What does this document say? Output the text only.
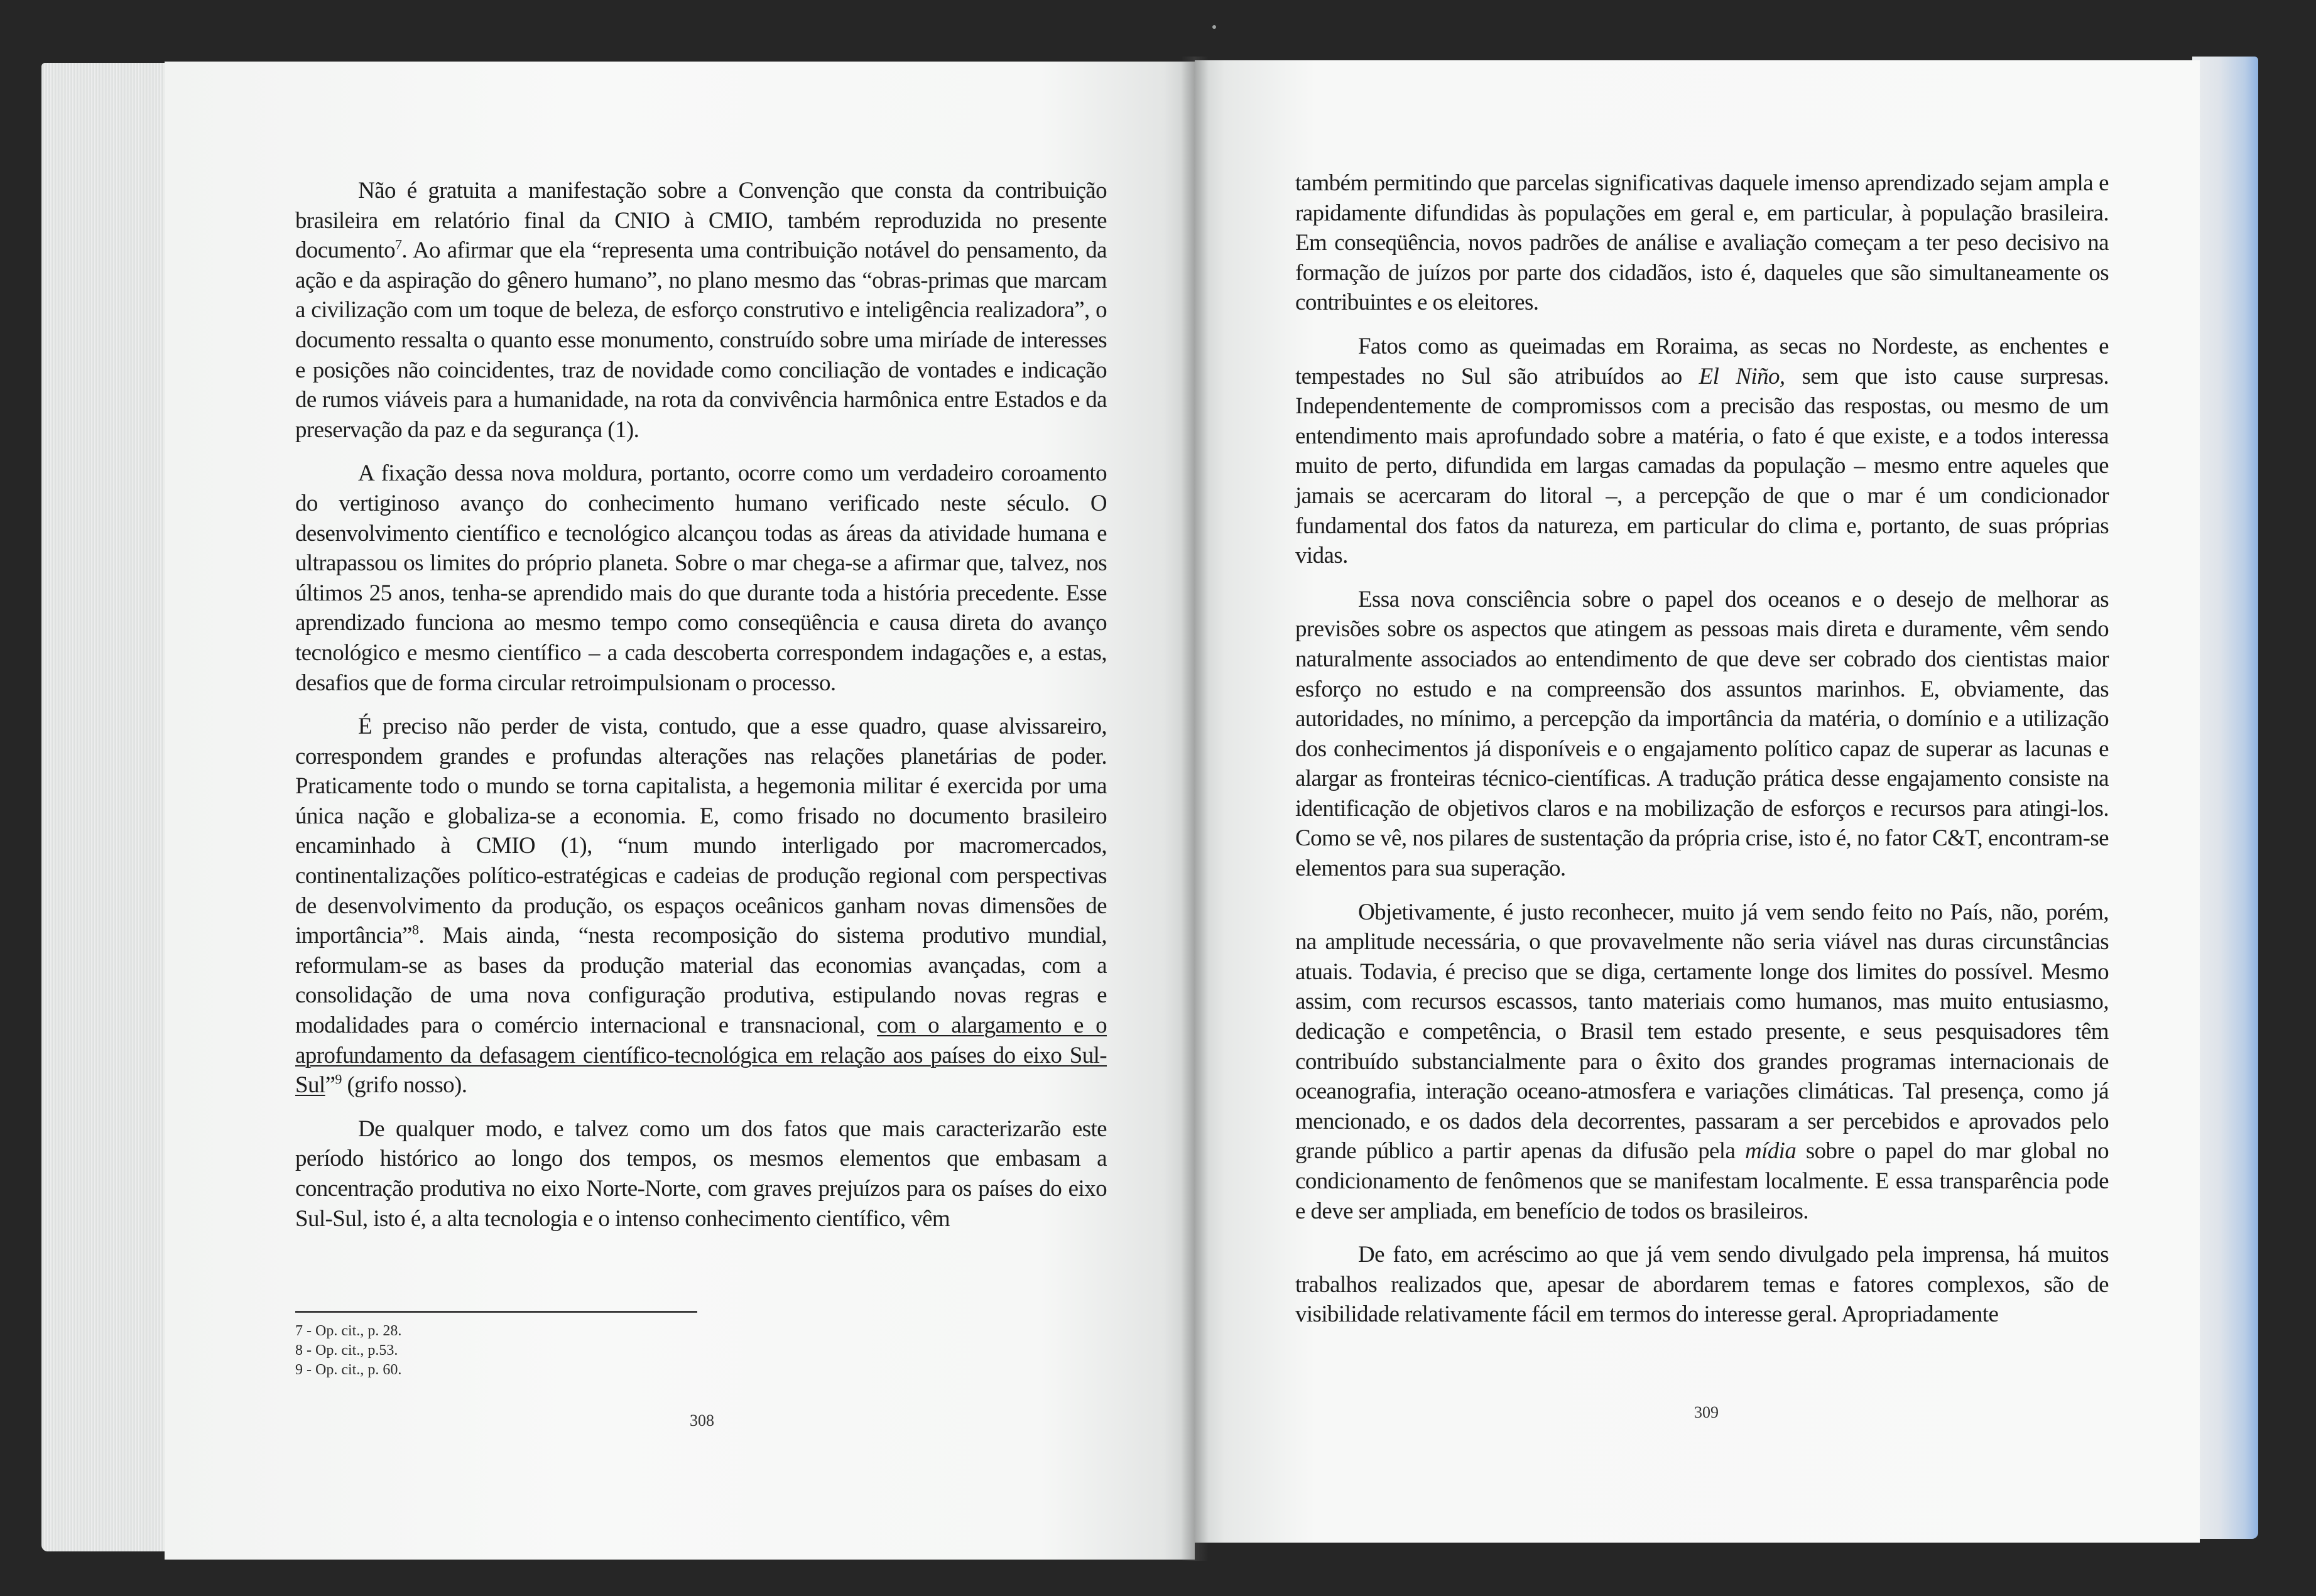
Não é gratuita a manifestação sobre a Convenção que consta da contribuição brasileira em relatório final da CNIO à CMIO, também reproduzida no presente documento$^7$. Ao afirmar que ela “representa uma contribuição notável do pensamento, da ação e da aspiração do gênero humano”, no plano mesmo das “obras-primas que marcam a civilização com um toque de beleza, de esforço construtivo e inteligência realizadora”, o documento ressalta o quanto esse monumento, construído sobre uma miríade de interesses e posições não coincidentes, traz de novidade como conciliação de vontades e indicação de rumos viáveis para a humanidade, na rota da convivência harmônica entre Estados e da preservação da paz e da segurança (1).

A fixação dessa nova moldura, portanto, ocorre como um verdadeiro coroamento do vertiginoso avanço do conhecimento humano verificado neste século. O desenvolvimento científico e tecnológico alcançou todas as áreas da atividade humana e ultrapassou os limites do próprio planeta. Sobre o mar chega-se a afirmar que, talvez, nos últimos 25 anos, tenha-se aprendido mais do que durante toda a história precedente. Esse aprendizado funciona ao mesmo tempo como conseqüência e causa direta do avanço tecnológico e mesmo científico – a cada descoberta correspondem indagações e, a estas, desafios que de forma circular retroimpulsionam o processo.

É preciso não perder de vista, contudo, que a esse quadro, quase alvissareiro, correspondem grandes e profundas alterações nas relações planetárias de poder. Praticamente todo o mundo se torna capitalista, a hegemonia militar é exercida por uma única nação e globaliza-se a economia. E, como frisado no documento brasileiro encaminhado à CMIO (1), “num mundo interligado por macromercados, continentalizações político-estratégicas e cadeias de produção regional com perspectivas de desenvolvimento da produção, os espaços oceânicos ganham novas dimensões de importância”$^8$. Mais ainda, “nesta recomposição do sistema produtivo mundial, reformulam-se as bases da produção material das economias avançadas, com a consolidação de uma nova configuração produtiva, estipulando novas regras e modalidades para o comércio internacional e transnacional, com o alargamento e o aprofundamento da defasagem científico-tecnológica em relação aos países do eixo Sul-Sul”$^9$ (grifo nosso).

De qualquer modo, e talvez como um dos fatos que mais caracterizarão este período histórico ao longo dos tempos, os mesmos elementos que embasam a concentração produtiva no eixo Norte-Norte, com graves prejuízos para os países do eixo Sul-Sul, isto é, a alta tecnologia e o intenso conhecimento científico, vêm

7 - Op. cit., p. 28.
8 - Op. cit., p.53.
9 - Op. cit., p. 60.
308

também permitindo que parcelas significativas daquele imenso aprendizado sejam ampla e rapidamente difundidas às populações em geral e, em particular, à população brasileira. Em conseqüência, novos padrões de análise e avaliação começam a ter peso decisivo na formação de juízos por parte dos cidadãos, isto é, daqueles que são simultaneamente os contribuintes e os eleitores.

Fatos como as queimadas em Roraima, as secas no Nordeste, as enchentes e tempestades no Sul são atribuídos ao El Niño, sem que isto cause surpresas. Independentemente de compromissos com a precisão das respostas, ou mesmo de um entendimento mais aprofundado sobre a matéria, o fato é que existe, e a todos interessa muito de perto, difundida em largas camadas da população – mesmo entre aqueles que jamais se acercaram do litoral –, a percepção de que o mar é um condicionador fundamental dos fatos da natureza, em particular do clima e, portanto, de suas próprias vidas.

Essa nova consciência sobre o papel dos oceanos e o desejo de melhorar as previsões sobre os aspectos que atingem as pessoas mais direta e duramente, vêm sendo naturalmente associados ao entendimento de que deve ser cobrado dos cientistas maior esforço no estudo e na compreensão dos assuntos marinhos. E, obviamente, das autoridades, no mínimo, a percepção da importância da matéria, o domínio e a utilização dos conhecimentos já disponíveis e o engajamento político capaz de superar as lacunas e alargar as fronteiras técnico-científicas. A tradução prática desse engajamento consiste na identificação de objetivos claros e na mobilização de esforços e recursos para atingi-los. Como se vê, nos pilares de sustentação da própria crise, isto é, no fator C&T, encontram-se elementos para sua superação.

Objetivamente, é justo reconhecer, muito já vem sendo feito no País, não, porém, na amplitude necessária, o que provavelmente não seria viável nas duras circunstâncias atuais. Todavia, é preciso que se diga, certamente longe dos limites do possível. Mesmo assim, com recursos escassos, tanto materiais como humanos, mas muito entusiasmo, dedicação e competência, o Brasil tem estado presente, e seus pesquisadores têm contribuído substancialmente para o êxito dos grandes programas internacionais de oceanografia, interação oceano-atmosfera e variações climáticas. Tal presença, como já mencionado, e os dados dela decorrentes, passaram a ser percebidos e aprovados pelo grande público a partir apenas da difusão pela mídia sobre o papel do mar global no condicionamento de fenômenos que se manifestam localmente. E essa transparência pode e deve ser ampliada, em benefício de todos os brasileiros.

De fato, em acréscimo ao que já vem sendo divulgado pela imprensa, há muitos trabalhos realizados que, apesar de abordarem temas e fatores complexos, são de visibilidade relativamente fácil em termos do interesse geral. Apropriadamente

309
